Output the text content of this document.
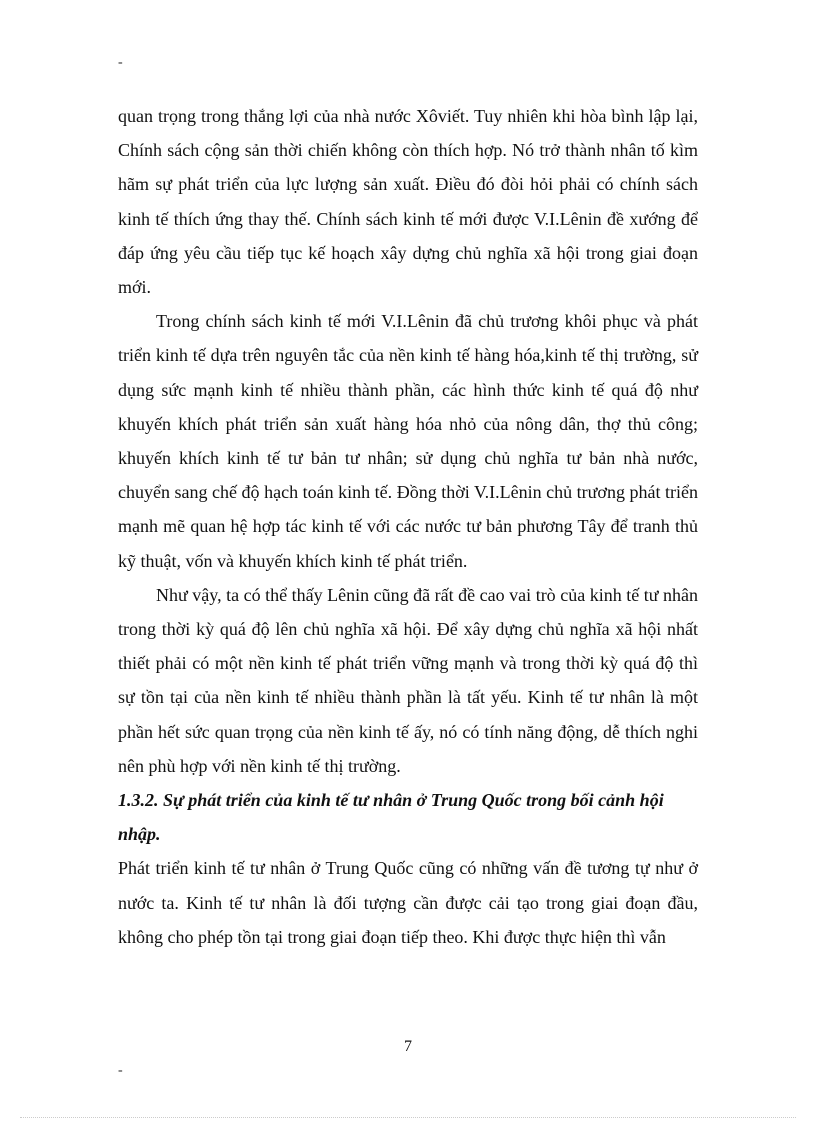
-

quan trọng trong thắng lợi của nhà nước Xôviết. Tuy nhiên khi hòa bình lập lại, Chính sách cộng sản thời chiến không còn thích hợp. Nó trở thành nhân tố kìm hãm sự phát triển của lực lượng sản xuất. Điều đó đòi hỏi phải có chính sách kinh tế thích ứng thay thế. Chính sách kinh tế mới được V.I.Lênin đề xướng để đáp ứng yêu cầu tiếp tục kế hoạch xây dựng chủ nghĩa xã hội trong giai đoạn mới.

Trong chính sách kinh tế mới V.I.Lênin đã chủ trương khôi phục và phát triển kinh tế dựa trên nguyên tắc của nền kinh tế hàng hóa,kinh tế thị trường, sử dụng sức mạnh kinh tế nhiều thành phần, các hình thức kinh tế quá độ như khuyến khích phát triển sản xuất hàng hóa nhỏ của nông dân, thợ thủ công; khuyến khích kinh tế tư bản tư nhân; sử dụng chủ nghĩa tư bản nhà nước, chuyển sang chế độ hạch toán kinh tế. Đồng thời V.I.Lênin chủ trương phát triển mạnh mẽ quan hệ hợp tác kinh tế với các nước tư bản phương Tây để tranh thủ kỹ thuật, vốn và khuyến khích kinh tế phát triển.

Như vậy, ta có thể thấy Lênin cũng đã rất đề cao vai trò của kinh tế tư nhân trong thời kỳ quá độ lên chủ nghĩa xã hội. Để xây dựng chủ nghĩa xã hội nhất thiết phải có một nền kinh tế phát triển vững mạnh và trong thời kỳ quá độ thì sự tồn tại của nền kinh tế nhiều thành phần là tất yếu. Kinh tế tư nhân là một phần hết sức quan trọng của nền kinh tế ấy, nó có tính năng động, dễ thích nghi nên phù hợp với nền kinh tế thị trường.

1.3.2. Sự phát triển của kinh tế tư nhân ở Trung Quốc trong bối cảnh hội nhập.

Phát triển kinh tế tư nhân ở Trung Quốc cũng có những vấn đề tương tự như ở nước ta. Kinh tế tư nhân là đối tượng cần được cải tạo trong giai đoạn đầu, không cho phép tồn tại trong giai đoạn tiếp theo. Khi được thực hiện thì vẫn

7
-
